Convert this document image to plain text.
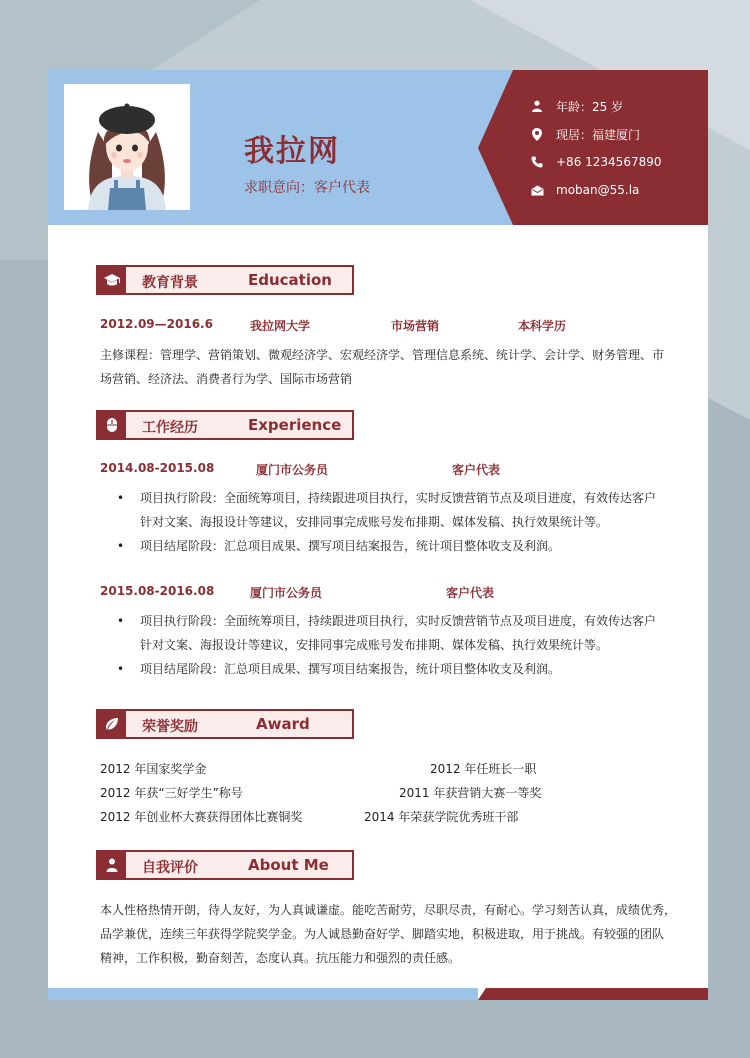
我拉网
求职意向：客户代表
年龄：25 岁
现居：福建厦门
+86 1234567890
moban@55.la
教育背景	Education
2012.09—2016.6	我拉网大学	市场营销	本科学历
主修课程：管理学、营销策划、微观经济学、宏观经济学、管理信息系统、统计学、会计学、财务管理、市
场营销、经济法、消费者行为学、国际市场营销
工作经历	Experience
2014.08-2015.08	厦门市公务员	客户代表
• 项目执行阶段：全面统筹项目，持续跟进项目执行，实时反馈营销节点及项目进度，有效传达客户
针对文案、海报设计等建议，安排同事完成账号发布排期、媒体发稿、执行效果统计等。
• 项目结尾阶段：汇总项目成果、撰写项目结案报告，统计项目整体收支及利润。
2015.08-2016.08	厦门市公务员	客户代表
• 项目执行阶段：全面统筹项目，持续跟进项目执行，实时反馈营销节点及项目进度，有效传达客户
针对文案、海报设计等建议，安排同事完成账号发布排期、媒体发稿、执行效果统计等。
• 项目结尾阶段：汇总项目成果、撰写项目结案报告，统计项目整体收支及利润。
荣誉奖励	Award
2012 年国家奖学金	2012 年任班长一职
2012 年获“三好学生”称号	2011 年获营销大赛一等奖
2012 年创业杯大赛获得团体比赛铜奖	2014 年荣获学院优秀班干部
自我评价	About Me
本人性格热情开朗，待人友好，为人真诚谦虚。能吃苦耐劳，尽职尽责，有耐心。学习刻苦认真，成绩优秀，
品学兼优，连续三年获得学院奖学金。为人诚恳勤奋好学、脚踏实地，积极进取，用于挑战。有较强的团队
精神，工作积极，勤奋刻苦，态度认真。抗压能力和强烈的责任感。
